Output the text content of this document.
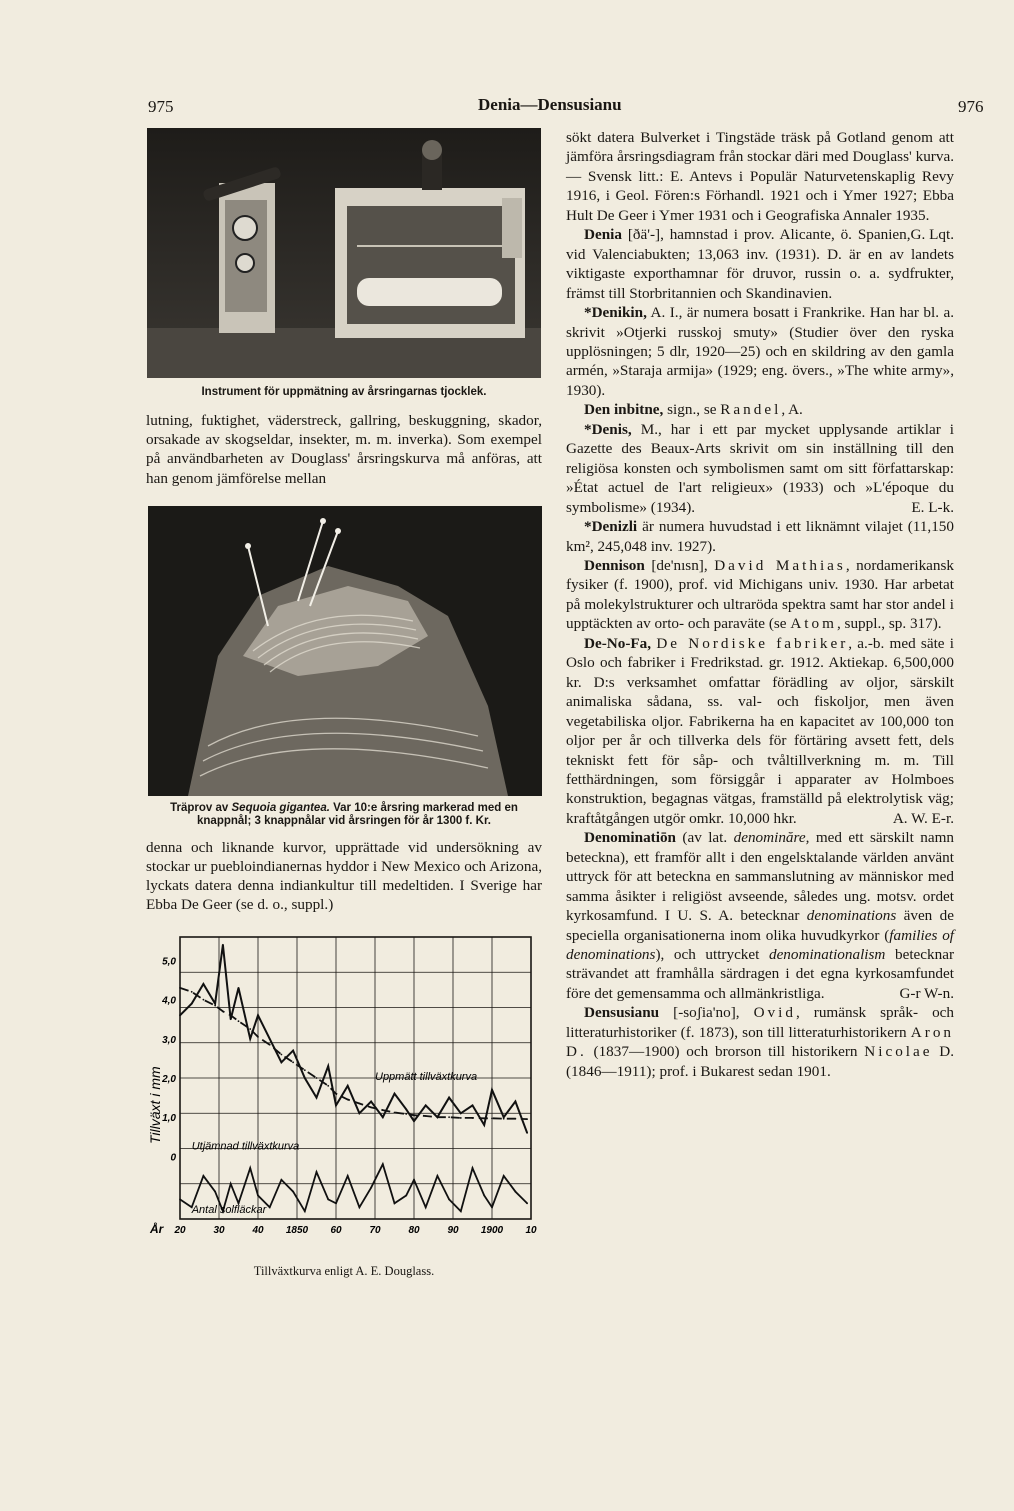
975	Denia—Densusianu	976
Instrument för uppmätning av årsringarnas tjocklek.

lutning, fuktighet, väderstreck, gallring, beskuggning, skador, orsakade av skogseldar, insekter, m. m. inverka). Som exempel på användbarheten av Douglass' årsringskurva må anföras, att han genom jämförelse mellan

Träprov av Sequoia gigantea. Var 10:e årsring markerad med en knappnål; 3 knappnålar vid årsringen för år 1300 f. Kr.

denna och liknande kurvor, upprättade vid undersökning av stockar ur puebloindianernas hyddor i New Mexico och Arizona, lyckats datera denna indiankultur till medeltiden. I Sverige har Ebba De Geer (se d. o., suppl.)

5,0
4,0
3,0
2,0
1,0
0
20	30	40 1850 60	70	80	90 1900 10
År
Tillväxt i mm	Uppmätt tillväxtkurva
Utjämnad tillväxtkurva
Antal solfläckar
Tillväxtkurva enligt A. E. Douglass.

sökt datera Bulverket i Tingstäde träsk på Gotland genom att jämföra årsringsdiagram från stockar däri med Douglass' kurva. — Svensk litt.: E. Antevs i Populär Naturvetenskaplig Revy 1916, i Geol. Fören:s Förhandl. 1921 och i Ymer 1927; Ebba Hult De Geer i Ymer 1931 och i Geografiska Annaler 1935.
G. Lqt.

Denia [ðä'-], hamnstad i prov. Alicante, ö. Spanien, vid Valenciabukten; 13,063 inv. (1931). D. är en av landets viktigaste exporthamnar för druvor, russin o. a. sydfrukter, främst till Storbritannien och Skandinavien.

*Denikin, A. I., är numera bosatt i Frankrike. Han har bl. a. skrivit »Otjerki russkoj smuty» (Studier över den ryska upplösningen; 5 dlr, 1920—25) och en skildring av den gamla armén, »Staraja armija» (1929; eng. övers., »The white army», 1930).

Den inbitne, sign., se Randel, A.

*Denis, M., har i ett par mycket upplysande artiklar i Gazette des Beaux-Arts skrivit om sin inställning till den religiösa konsten och symbolismen samt om sitt författarskap: »État actuel de l'art religieux» (1933) och »L'époque du symbolisme» (1934).	E. L-k.

*Denizli är numera huvudstad i ett liknämnt vilajet (11,150 km², 245,048 inv. 1927).

Dennison [de'nısn], David Mathias, nordamerikansk fysiker (f. 1900), prof. vid Michigans univ. 1930. Har arbetat på molekylstrukturer och ultraröda spektra samt har stor andel i upptäckten av orto- och paraväte (se Atom, suppl., sp. 317).

De-No-Fa, De Nordiske fabriker, a.-b. med säte i Oslo och fabriker i Fredrikstad. gr. 1912. Aktiekap. 6,500,000 kr. D:s verksamhet omfattar förädling av oljor, särskilt animaliska sådana, ss. val- och fiskoljor, men även vegetabiliska oljor. Fabrikerna ha en kapacitet av 100,000 ton oljor per år och tillverka dels för förtäring avsett fett, dels tekniskt fett för såp- och tvåltillverkning m. m. Till fetthärdningen, som försiggår i apparater av Holmboes konstruktion, begagnas vätgas, framställd på elektrolytisk väg; kraftåtgången utgör omkr. 10,000 hkr.	A. W. E-r.

Denominatiōn (av lat. denominăre, med ett särskilt namn beteckna), ett framför allt i den engelsktalande världen använt uttryck för att beteckna en sammanslutning av människor med samma åsikter i religiöst avseende, således ung. motsv. ordet kyrkosamfund. I U. S. A. betecknar denominations även de speciella organisationerna inom olika huvudkyrkor (families of denominations), och uttrycket denominationalism betecknar strävandet att framhålla särdragen i det egna kyrkosamfundet före det gemensamma och allmänkristliga.	G-r W-n.

Densusianu [-soʃia'no], Ovid, rumänsk språk- och litteraturhistoriker (f. 1873), son till litteraturhistorikern Aron D. (1837—1900) och brorson till historikern Nicolae D. (1846—1911); prof. i Bukarest sedan 1901.
